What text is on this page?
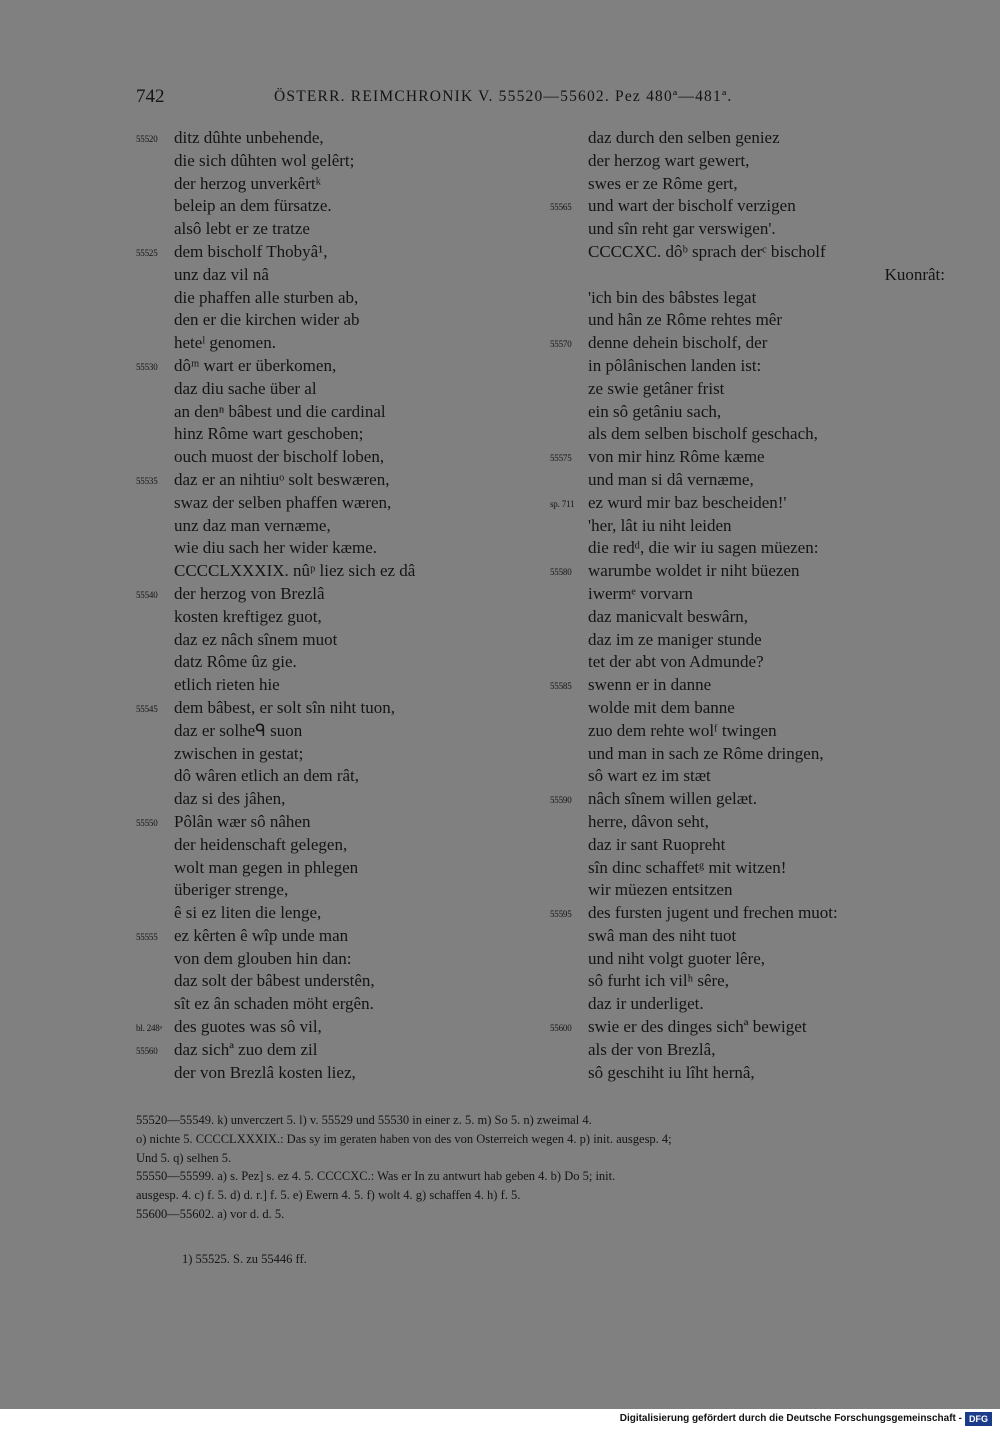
742	ÖSTERR. REIMCHRONIK V. 55520—55602. Pez 480ª—481ª.
55520 ditz dûhte unbehende,
die sich dûhten wol gelêrt;
der herzog unverkêrtᵏ
beleip an dem fürsatze.
alsô lebt er ze tratze
55525 dem bischolf Thobyâ¹,
unz daz vil nâ
die phaffen alle sturben ab,
den er die kirchen wider ab
heteˡ genomen.
55530 dôᵐ wart er überkomen,
daz diu sache über al
an denⁿ bâbest und die cardinal
hinz Rôme wart geschoben;
ouch muost der bischolf loben,
55535 daz er an nihtiuᵒ solt beswæren,
swaz der selben phaffen wæren,
unz daz man vernæme,
wie diu sach her wider kæme.
CCCCLXXXIX. nûᵖ liez sich ez dâ
55540 der herzog von Brezlâ
kosten kreftigez guot,
daz ez nâch sînem muot
datz Rôme ûz gie.
etlich rieten hie
55545 dem bâbest, er solt sîn niht tuon,
daz er solheᑫ suon
zwischen in gestat;
dô wâren etlich an dem rât,
daz si des jâhen,
55550 Pôlân wær sô nâhen
der heidenschaft gelegen,
wolt man gegen in phlegen
überiger strenge,
ê si ez liten die lenge,
55555 ez kêrten ê wîp unde man
von dem glouben hin dan:
daz solt der bâbest understên,
sît ez ân schaden möht ergên.
bl. 248ᵃ des guotes was sô vil,
55560 daz sichª zuo dem zil
der von Brezlâ kosten liez,
daz durch den selben geniez
der herzog wart gewert,
swes er ze Rôme gert,
55565 und wart der bischolf verzigen
und sîn reht gar verswigen'.
CCCCXC. dôᵇ sprach derᶜ bischolf
Kuonrât:
'ich bin des bâbstes legat
und hân ze Rôme rehtes mêr
55570 denne dehein bischolf, der
in pôlânischen landen ist:
ze swie getâner frist
ein sô getâniu sach,
als dem selben bischolf geschach,
55575 von mir hinz Rôme kæme
und man si dâ vernæme,
sp. 711 ez wurd mir baz bescheiden!'
'her, lât iu niht leiden
die redᵈ, die wir iu sagen müezen:
55580 warumbe woldet ir niht büezen
iwermᵉ vorvarn
daz manicvalt beswârn,
daz im ze maniger stunde
tet der abt von Admunde?
55585 swenn er in danne
wolde mit dem banne
zuo dem rehte wolᶠ twingen
und man in sach ze Rôme dringen,
sô wart ez im stæt
55590 nâch sînem willen gelæt.
herre, dâvon seht,
daz ir sant Ruopreht
sîn dinc schaffetᵍ mit witzen!
wir müezen entsitzen
55595 des fursten jugent und frechen muot:
swâ man des niht tuot
und niht volgt guoter lêre,
sô furht ich vilʰ sêre,
daz ir underliget.
55600 swie er des dinges sichª bewiget
als der von Brezlâ,
sô geschiht iu lîht hernâ,
55520—55549. k) unverczert 5. l) v. 55529 und 55530 in einer z. 5. m) So 5. n) zweimal 4.
o) nichte 5. CCCCLXXXIX.: Das sy im geraten haben von des von Osterreich wegen 4. p) init. ausgesp. 4;
Und 5. q) selhen 5.
55550—55599. a) s. Pez] s. ez 4. 5. CCCCXC.: Was er In zu antwurt hab geben 4. b) Do 5; init.
ausgesp. 4. c) f. 5. d) d. r.] f. 5. e) Ewern 4. 5. f) wolt 4. g) schaffen 4. h) f. 5.
55600—55602. a) vor d. d. 5.
1) 55525. S. zu 55446 ff.
Digitalisierung gefördert durch die Deutsche Forschungsgemeinschaft - DFG
